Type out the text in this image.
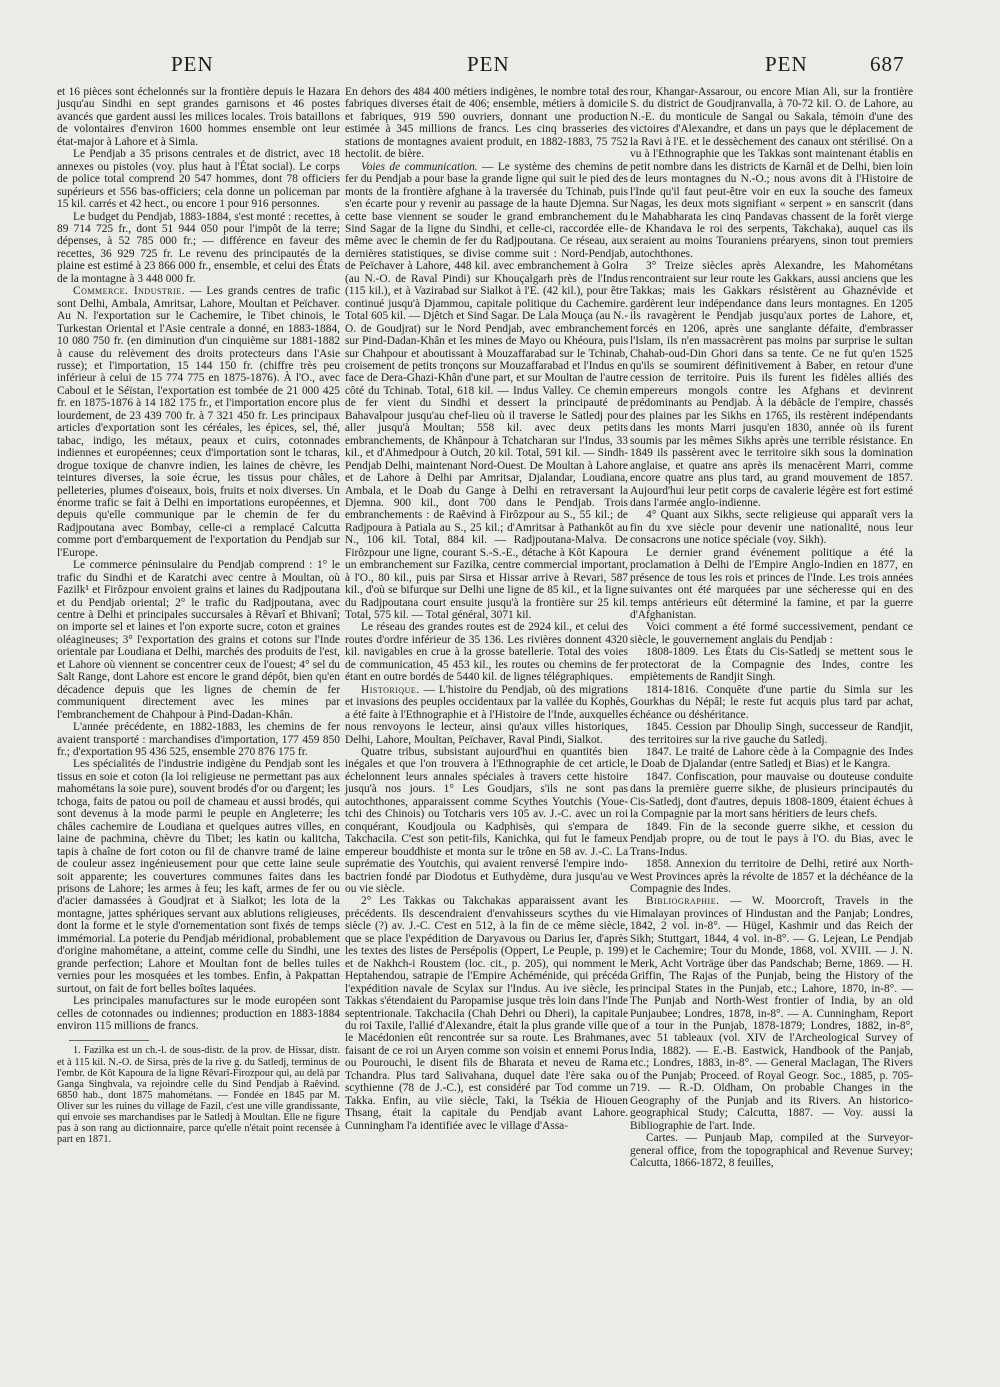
PEN	PEN	PEN	687

et 16 pièces sont échelonnés sur la frontière depuis le Hazara jusqu'au Sindhi en sept grandes garnisons et 46 postes avancés que gardent aussi les milices locales. Trois bataillons de volontaires d'environ 1600 hommes ensemble ont leur état-major à Lahore et à Simla.

Le Pendjab a 35 prisons centrales et de district, avec 18 annexes ou pistoles (voy. plus haut à l'État social). Le corps de police total comprend 20 547 hommes, dont 78 officiers supérieurs et 556 bas-officiers; cela donne un policeman par 15 kil. carrés et 42 hect., ou encore 1 pour 916 personnes.

Le budget du Pendjab, 1883-1884, s'est monté : recettes, à 89 714 725 fr., dont 51 944 050 pour l'impôt de la terre; dépenses, à 52 785 000 fr.; — différence en faveur des recettes, 36 929 725 fr. Le revenu des principautés de la plaine est estimé à 23 866 000 fr., ensemble, et celui des États de la montagne à 3 448 000 fr.

Commerce. Industrie. — Les grands centres de trafic sont Delhi, Ambala, Amritsar, Lahore, Moultan et Peïchaver. Au N. l'exportation sur le Cachemire, le Tibet chinois, le Turkestan Oriental et l'Asie centrale a donné, en 1883-1884, 10 080 750 fr. (en diminution d'un cinquième sur 1881-1882 à cause du relèvement des droits protecteurs dans l'Asie russe); et l'importation, 15 144 150 fr. (chiffre très peu inférieur à celui de 15 774 775 en 1875-1876). À l'O., avec Caboul et le Séïstan, l'exportation est tombée de 21 000 425 fr. en 1875-1876 à 14 182 175 fr., et l'importation encore plus lourdement, de 23 439 700 fr. à 7 321 450 fr. Les principaux articles d'exportation sont les céréales, les épices, sel, thé, tabac, indigo, les métaux, peaux et cuirs, cotonnades indiennes et européennes; ceux d'importation sont le tcharas, drogue toxique de chanvre indien, les laines de chèvre, les teintures diverses, la soie écrue, les tissus pour châles, pelleteries, plumes d'oiseaux, bois, fruits et noix diverses. Un énorme trafic se fait à Delhi en importations européennes, et depuis qu'elle communique par le chemin de fer du Radjpoutana avec Bombay, celle-ci a remplacé Calcutta comme port d'embarquement de l'exportation du Pendjab sur l'Europe.

Le commerce péninsulaire du Pendjab comprend : 1° le trafic du Sindhi et de Karatchi avec centre à Moultan, où Fazilk¹ et Firôzpour envoient grains et laines du Radjpoutana et du Pendjab oriental; 2° le trafic du Radjpoutana, avec centre à Delhi et principales succursales à Rêvarî et Bhivanî; on importe sel et laines et l'on exporte sucre, coton et graines oléagineuses; 3° l'exportation des grains et cotons sur l'Inde orientale par Loudiana et Delhi, marchés des produits de l'est, et Lahore où viennent se concentrer ceux de l'ouest; 4° sel du Salt Range, dont Lahore est encore le grand dépôt, bien qu'en décadence depuis que les lignes de chemin de fer communiquent directement avec les mines par l'embranchement de Chahpour à Pind-Dadan-Khân.

L'année précédente, en 1882-1883, les chemins de fer avaient transporté : marchandises d'importation, 177 459 850 fr.; d'exportation 95 436 525, ensemble 270 876 175 fr.

Les spécialités de l'industrie indigène du Pendjab sont les tissus en soie et coton (la loi religieuse ne permettant pas aux mahométans la soie pure), souvent brodés d'or ou d'argent; les tchoga, faits de patou ou poil de chameau et aussi brodés, qui sont devenus à la mode parmi le peuple en Angleterre; les châles cachemire de Loudiana et quelques autres villes, en laine de pachmina, chèvre du Tibet; les katin ou kalitcha, tapis à chaîne de fort coton ou fil de chanvre tramé de laine de couleur assez ingénieusement pour que cette laine seule soit apparente; les couvertures communes faites dans les prisons de Lahore; les armes à feu; les kaft, armes de fer ou d'acier damassées à Goudjrat et à Sialkot; les lota de la montagne, jattes sphériques servant aux ablutions religieuses, dont la forme et le style d'ornementation sont fixés de temps immémorial. La poterie du Pendjab méridional, probablement d'origine mahométane, a atteint, comme celle du Sindhi, une grande perfection; Lahore et Moultan font de belles tuiles vernies pour les mosquées et les tombes. Enfin, à Pakpattan surtout, on fait de fort belles boîtes laquées.

Les principales manufactures sur le mode européen sont celles de cotonnades ou indiennes; production en 1883-1884 environ 115 millions de francs.

1. Fazilka est un ch.-l. de sous-distr. de la prov. de Hissar, distr. et à 115 kil. N.-O. de Sirsa, près de la rive g. du Satledj, terminus de l'embr. de Kôt Kapoura de la ligne Rêvarî-Firozpour qui, au delà par Ganga Singhvala, va rejoindre celle du Sind Pendjab à Raêvind. 6850 hab., dont 1875 mahométans. — Fondée en 1845 par M. Oliver sur les ruines du village de Fazil, c'est une ville grandissante, qui envoie ses marchandises par le Satledj à Moultan. Elle ne figure pas à son rang au dictionnaire, parce qu'elle n'était point recensée à part en 1871.

En dehors des 484 400 métiers indigènes, le nombre total des fabriques diverses était de 406; ensemble, métiers à domicile et fabriques, 919 590 ouvriers, donnant une production estimée à 345 millions de francs. Les cinq brasseries des stations de montagnes avaient produit, en 1882-1883, 75 752 hectolit. de bière.

Voies de communication. — Le système des chemins de fer du Pendjab a pour base la grande ligne qui suit le pied des monts de la frontière afghane à la traversée du Tchinab, puis s'en écarte pour y revenir au passage de la haute Djemna. Sur cette base viennent se souder le grand embranchement du Sind Sagar de la ligne du Sindhi, et celle-ci, raccordée elle-même avec le chemin de fer du Radjpoutana. Ce réseau, aux dernières statistiques, se divise comme suit : Nord-Pendjab, de Peïchaver à Lahore, 448 kil. avec embranchement à Golra (au N.-O. de Raval Pindi) sur Khouçalgarh près de l'Indus (115 kil.), et à Vazirabad sur Sialkot à l'E. (42 kil.), pour être continué jusqu'à Djammou, capitale politique du Cachemire. Total 605 kil. — Djêtch et Sind Sagar. De Lala Mouça (au N.-O. de Goudjrat) sur le Nord Pendjab, avec embranchement sur Pind-Dadan-Khân et les mines de Mayo ou Khéoura, puis sur Chahpour et aboutissant à Mouzaffarabad sur le Tchinab, croisement de petits tronçons sur Mouzaffarabad et l'Indus en face de Dera-Ghazi-Khân d'une part, et sur Moultan de l'autre côté du Tchinab. Total, 618 kil. — Indus Valley. Ce chemin de fer vient du Sindhi et dessert la principauté de Bahavalpour jusqu'au chef-lieu où il traverse le Satledj pour aller jusqu'à Moultan; 558 kil. avec deux petits embranchements, de Khânpour à Tchatcharan sur l'Indus, 33 kil., et d'Ahmedpour à Outch, 20 kil. Total, 591 kil. — Sindh-Pendjab Delhi, maintenant Nord-Ouest. De Moultan à Lahore et de Lahore à Delhi par Amritsar, Djalandar, Loudiana, Ambala, et le Doab du Gange à Delhi en retraversant la Djemna. 900 kil., dont 700 dans le Pendjab. Trois embranchements : de Raêvind à Firôzpour au S., 55 kil.; de Radjpoura à Patiala au S., 25 kil.; d'Amritsar à Pathankôt au N., 106 kil. Total, 884 kil. — Radjpoutana-Malva. De Firôzpour une ligne, courant S.-S.-E., détache à Kôt Kapoura un embranchement sur Fazilka, centre commercial important, à l'O., 80 kil., puis par Sirsa et Hissar arrive à Revari, 587 kil., d'où se bifurque sur Delhi une ligne de 85 kil., et la ligne du Radjpoutana court ensuite jusqu'à la frontière sur 25 kil. Total, 575 kil. — Total général, 3071 kil.

Le réseau des grandes routes est de 2924 kil., et celui des routes d'ordre inférieur de 35 136. Les rivières donnent 4320 kil. navigables en crue à la grosse batellerie. Total des voies de communication, 45 453 kil., les routes ou chemins de fer étant en outre bordés de 5440 kil. de lignes télégraphiques.

Historique. — L'histoire du Pendjab, où des migrations et invasions des peuples occidentaux par la vallée du Kophès, a été faite à l'Ethnographie et à l'Histoire de l'Inde, auxquelles nous renvoyons le lecteur, ainsi qu'aux villes historiques, Delhi, Lahore, Moultan, Peïchaver, Raval Pindi, Sialkot.

Quatre tribus, subsistant aujourd'hui en quantités bien inégales et que l'on trouvera à l'Ethnographie de cet article, échelonnent leurs annales spéciales à travers cette histoire jusqu'à nos jours. 1° Les Goudjars, s'ils ne sont pas autochthones, apparaissent comme Scythes Youtchis (Youe-tchi des Chinois) ou Totcharis vers 105 av. J.-C. avec un roi conquérant, Koudjoula ou Kadphisès, qui s'empara de Takchacila. C'est son petit-fils, Kanichka, qui fut le fameux empereur bouddhiste et monta sur le trône en 58 av. J.-C. La suprématie des Youtchis, qui avaient renversé l'empire indo-bactrien fondé par Diodotus et Euthydème, dura jusqu'au ve ou vie siècle.

2° Les Takkas ou Takchakas apparaissent avant les précédents. Ils descendraient d'envahisseurs scythes du vie siècle (?) av. J.-C. C'est en 512, à la fin de ce même siècle, que se place l'expédition de Daryavous ou Darius Ier, d'après les textes des listes de Persépolis (Oppert, Le Peuple, p. 199) et de Nakhch-i Roustem (loc. cit., p. 205), qui nomment le Heptahendou, satrapie de l'Empire Achéménide, qui précéda l'expédition navale de Scylax sur l'Indus. Au ive siècle, les Takkas s'étendaient du Paropamise jusque très loin dans l'Inde septentrionale. Takchacila (Chah Dehri ou Dheri), la capitale du roi Taxile, l'allié d'Alexandre, était la plus grande ville que le Macédonien eût rencontrée sur sa route. Les Brahmanes, faisant de ce roi un Aryen comme son voisin et ennemi Porus ou Pourouchi, le disent fils de Bharata et neveu de Rama Tchandra. Plus tard Salivahana, duquel date l'ère saka ou scythienne (78 de J.-C.), est considéré par Tod comme un Takka. Enfin, au viie siècle, Taki, la Tsékia de Hiouen Thsang, était la capitale du Pendjab avant Lahore. Cunningham l'a identifiée avec le village d'Assa-

rour, Khangar-Assarour, ou encore Mian Ali, sur la frontière S. du district de Goudjranvalla, à 70-72 kil. O. de Lahore, au N.-E. du monticule de Sangal ou Sakala, témoin d'une des victoires d'Alexandre, et dans un pays que le déplacement de la Ravi à l'E. et le dessèchement des canaux ont stérilisé. On a vu à l'Ethnographie que les Takkas sont maintenant établis en petit nombre dans les districts de Karnâl et de Delhi, bien loin de leurs montagnes du N.-O.; nous avons dit à l'Histoire de l'Inde qu'il faut peut-être voir en eux la souche des fameux Nagas, les deux mots signifiant « serpent » en sanscrit (dans le Mahabharata les cinq Pandavas chassent de la forêt vierge de Khandava le roi des serpents, Takchaka), auquel cas ils seraient au moins Touraniens préaryens, sinon tout premiers autochthones.

3° Treize siècles après Alexandre, les Mahométans rencontraient sur leur route les Gakkars, aussi anciens que les Takkas; mais les Gakkars résistèrent au Ghaznévide et gardèrent leur indépendance dans leurs montagnes. En 1205 ils ravagèrent le Pendjab jusqu'aux portes de Lahore, et, forcés en 1206, après une sanglante défaite, d'embrasser l'Islam, ils n'en massacrèrent pas moins par surprise le sultan Chahab-oud-Din Ghori dans sa tente. Ce ne fut qu'en 1525 qu'ils se soumirent définitivement à Baber, en retour d'une cession de territoire. Puis ils furent les fidèles alliés des empereurs mongols contre les Afghans et devinrent prédominants au Pendjab. À la débâcle de l'empire, chassés des plaines par les Sikhs en 1765, ils restèrent indépendants dans les monts Marri jusqu'en 1830, année où ils furent soumis par les mêmes Sikhs après une terrible résistance. En 1849 ils passèrent avec le territoire sikh sous la domination anglaise, et quatre ans après ils menacèrent Marri, comme encore quatre ans plus tard, au grand mouvement de 1857. Aujourd'hui leur petit corps de cavalerie légère est fort estimé dans l'armée anglo-indienne.

4° Quant aux Sikhs, secte religieuse qui apparaît vers la fin du xve siècle pour devenir une nationalité, nous leur consacrons une notice spéciale (voy. Sikh).

Le dernier grand événement politique a été la proclamation à Delhi de l'Empire Anglo-Indien en 1877, en présence de tous les rois et princes de l'Inde. Les trois années suivantes ont été marquées par une sécheresse qui en des temps antérieurs eût déterminé la famine, et par la guerre d'Afghanistan.

Voici comment a été formé successivement, pendant ce siècle, le gouvernement anglais du Pendjab :

1808-1809. Les États du Cis-Satledj se mettent sous le protectorat de la Compagnie des Indes, contre les empiètements de Randjit Singh.

1814-1816. Conquête d'une partie du Simla sur les Gourkhas du Népâl; le reste fut acquis plus tard par achat, échéance ou déshéritance.

1845. Cession par Dhoulip Singh, successeur de Randjit, des territoires sur la rive gauche du Satledj.

1847. Le traité de Lahore cède à la Compagnie des Indes le Doab de Djalandar (entre Satledj et Bias) et le Kangra.

1847. Confiscation, pour mauvaise ou douteuse conduite dans la première guerre sikhe, de plusieurs principautés du Cis-Satledj, dont d'autres, depuis 1808-1809, étaient échues à la Compagnie par la mort sans héritiers de leurs chefs.

1849. Fin de la seconde guerre sikhe, et cession du Pendjab propre, ou de tout le pays à l'O. du Bias, avec le Trans-Indus.

1858. Annexion du territoire de Delhi, retiré aux North-West Provinces après la révolte de 1857 et la déchéance de la Compagnie des Indes.

Bibliographie. — W. Moorcroft, Travels in the Himalayan provinces of Hindustan and the Panjab; Londres, 1842, 2 vol. in-8°. — Hügel, Kashmir und das Reich der Sikh; Stuttgart, 1844, 4 vol. in-8°. — G. Lejean, Le Pendjab et le Cachemire; Tour du Monde, 1868, vol. XVIII. — J. N. Merk, Acht Vorträge über das Pandschab; Berne, 1869. — H. Griffin, The Rajas of the Punjab, being the History of the principal States in the Punjab, etc.; Lahore, 1870, in-8°. — The Punjab and North-West frontier of India, by an old Punjaubee; Londres, 1878, in-8°. — A. Cunningham, Report of a tour in the Punjab, 1878-1879; Londres, 1882, in-8°, avec 51 tableaux (vol. XIV de l'Archeological Survey of India, 1882). — E.-B. Eastwick, Handbook of the Panjab, etc.; Londres, 1883, in-8°. — General Maclagan, The Rivers of the Punjab; Proceed. of Royal Geogr. Soc., 1885, p. 705-719. — R.-D. Oldham, On probable Changes in the Geography of the Punjab and its Rivers. An historico-geographical Study; Calcutta, 1887. — Voy. aussi la Bibliographie de l'art. Inde.

Cartes. — Punjaub Map, compiled at the Surveyor-general office, from the topographical and Revenue Survey; Calcutta, 1866-1872, 8 feuilles,
